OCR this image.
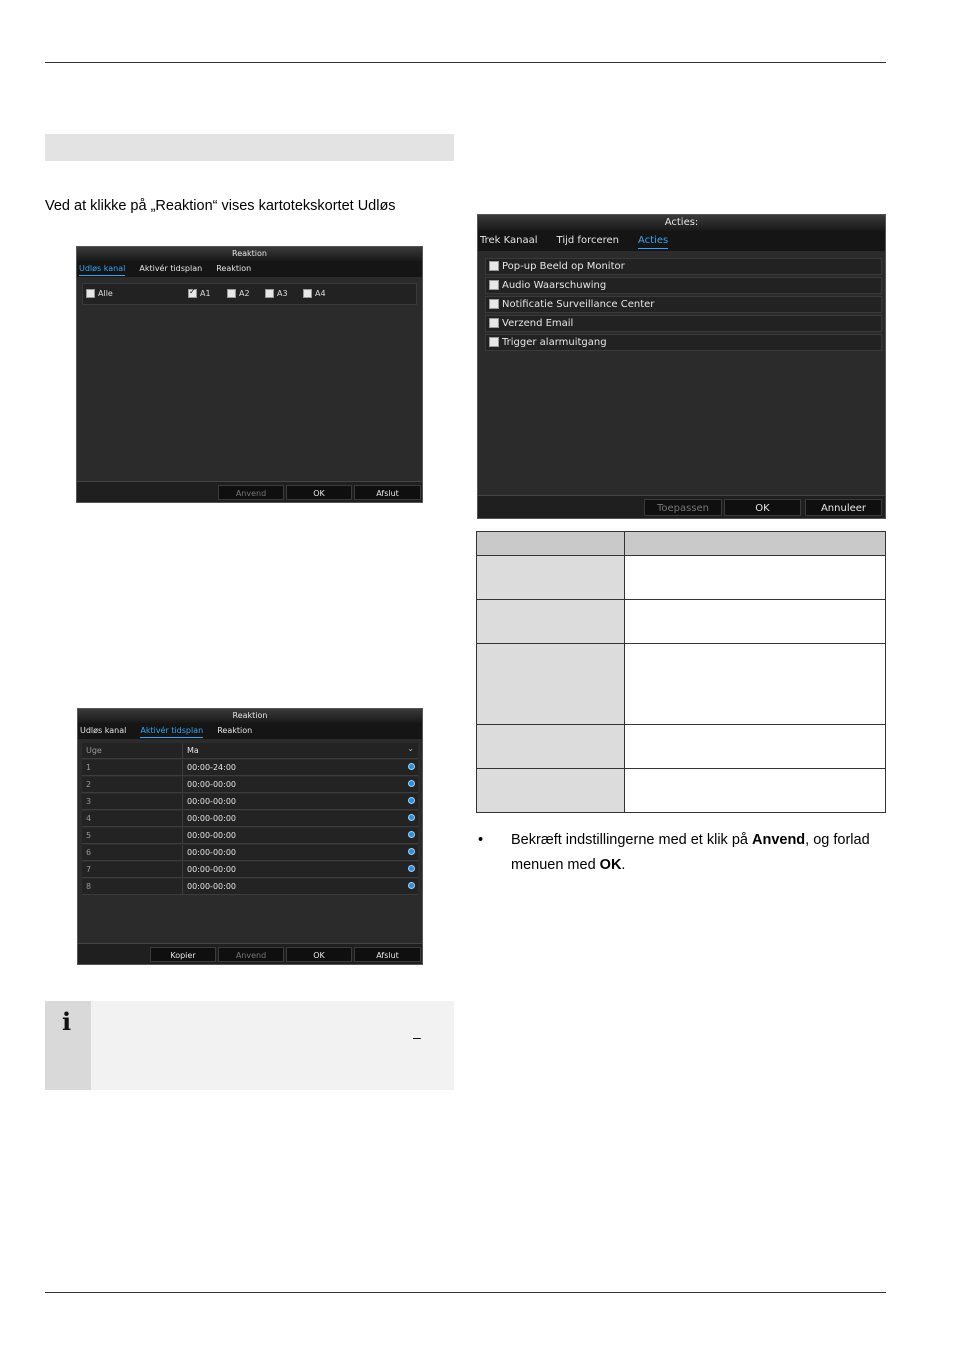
Ved at klikke på „Reaktion“ vises kartotekskortet Udløs
Reaktion
Udløs kanal Aktivér tidsplan Reaktion
Alle
✓	A1	A2	A3	A4
Anvend	OK	Afslut
Reaktion
Udløs kanal Aktivér tidsplan Reaktion
Uge	Ma	⌄
1	00:00-24:00
2	00:00-00:00
3	00:00-00:00
4	00:00-00:00
5	00:00-00:00
6	00:00-00:00
7	00:00-00:00
8	00:00-00:00
Kopier	Anvend	OK	Afslut
Acties:
Trek Kanaal Tijd forceren Acties
Pop-up Beeld op Monitor
Audio Waarschuwing
Notificatie Surveillance Center
Verzend Email
Trigger alarmuitgang
Toepassen	OK	Annuleer

• Bekræft indstillingerne med et klik på Anvend, og forlad menuen med OK.
i
–
